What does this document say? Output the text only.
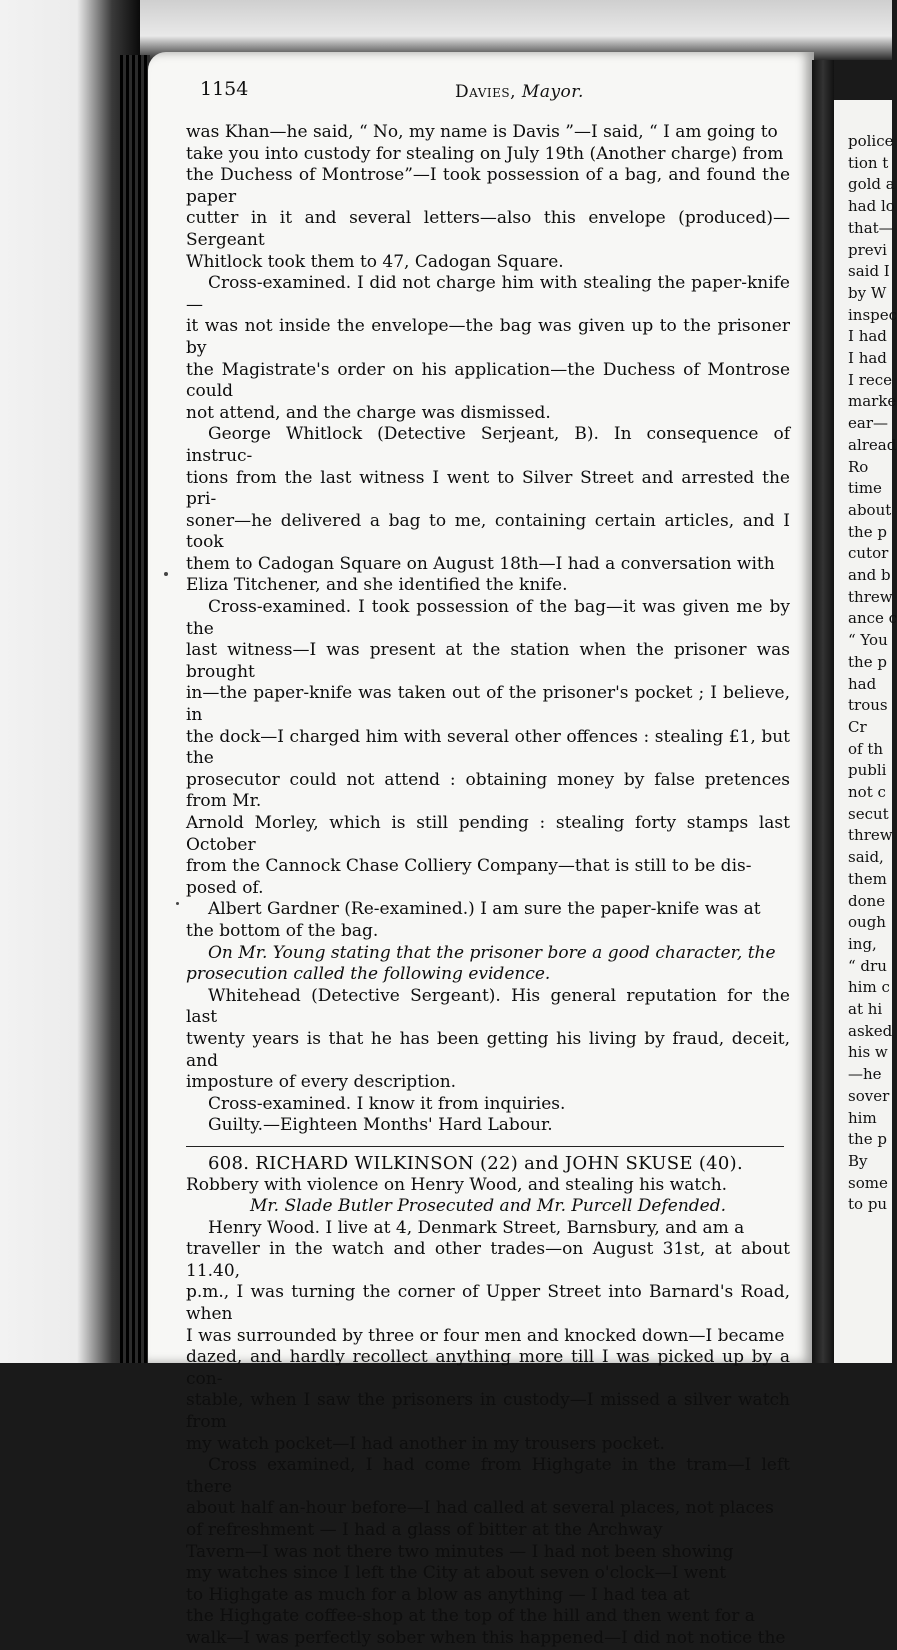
1154	Davies, Mayor.

was Khan—he said, “ No, my name is Davis ”—I said, “ I am going to

take you into custody for stealing on July 19th (Another charge) from

the Duchess of Montrose”—I took possession of a bag, and found the paper

cutter in it and several letters—also this envelope (produced)—Sergeant

Whitlock took them to 47, Cadogan Square.

Cross-examined. I did not charge him with stealing the paper-knife—

it was not inside the envelope—the bag was given up to the prisoner by

the Magistrate's order on his application—the Duchess of Montrose could

not attend, and the charge was dismissed.

George Whitlock (Detective Serjeant, B). In consequence of instruc-

tions from the last witness I went to Silver Street and arrested the pri-

soner—he delivered a bag to me, containing certain articles, and I took

them to Cadogan Square on August 18th—I had a conversation with

Eliza Titchener, and she identified the knife.

Cross-examined. I took possession of the bag—it was given me by the

last witness—I was present at the station when the prisoner was brought

in—the paper-knife was taken out of the prisoner's pocket ; I believe, in

the dock—I charged him with several other offences : stealing £1, but the

prosecutor could not attend : obtaining money by false pretences from Mr.

Arnold Morley, which is still pending : stealing forty stamps last October

from the Cannock Chase Colliery Company—that is still to be dis-

posed of.

Albert Gardner (Re-examined.) I am sure the paper-knife was at

the bottom of the bag.

On Mr. Young stating that the prisoner bore a good character, the

prosecution called the following evidence.

Whitehead (Detective Sergeant). His general reputation for the last

twenty years is that he has been getting his living by fraud, deceit, and

imposture of every description.

Cross-examined. I know it from inquiries.

Guilty.—Eighteen Months' Hard Labour.

608. RICHARD WILKINSON (22) and JOHN SKUSE (40).

Robbery with violence on Henry Wood, and stealing his watch.

Mr. Slade Butler Prosecuted and Mr. Purcell Defended.

Henry Wood. I live at 4, Denmark Street, Barnsbury, and am a

traveller in the watch and other trades—on August 31st, at about 11.40,

p.m., I was turning the corner of Upper Street into Barnard's Road, when

I was surrounded by three or four men and knocked down—I became

dazed, and hardly recollect anything more till I was picked up by a con-

stable, when I saw the prisoners in custody—I missed a silver watch from

my watch pocket—I had another in my trousers pocket.

Cross examined, I had come from Highgate in the tram—I left there

about half an-hour before—I had called at several places, not places

of refreshment — I had a glass of bitter at the Archway

Tavern—I was not there two minutes — I had not been showing

my watches since I left the City at about seven o'clock—I went

to Highgate as much for a blow as anything — I had tea at

the Highgate coffee-shop at the top of the hill and then went for a

walk—I was perfectly sober when this happened—I did not notice the

police
tion t
gold a
had lo
that—
previ
said I
by W
inspec
I had
I had
I rece
marke
ear—
alread
Ro
time
about
the p
cutor
and b
threw
ance c
“ You
the p
had
trous
Cr
of th
publi
not c
secut
threw
said,
them
done
ough
ing,
“ dru
him c
at hi
asked
his w
—he
sover
him
the p
By
some
to pu
